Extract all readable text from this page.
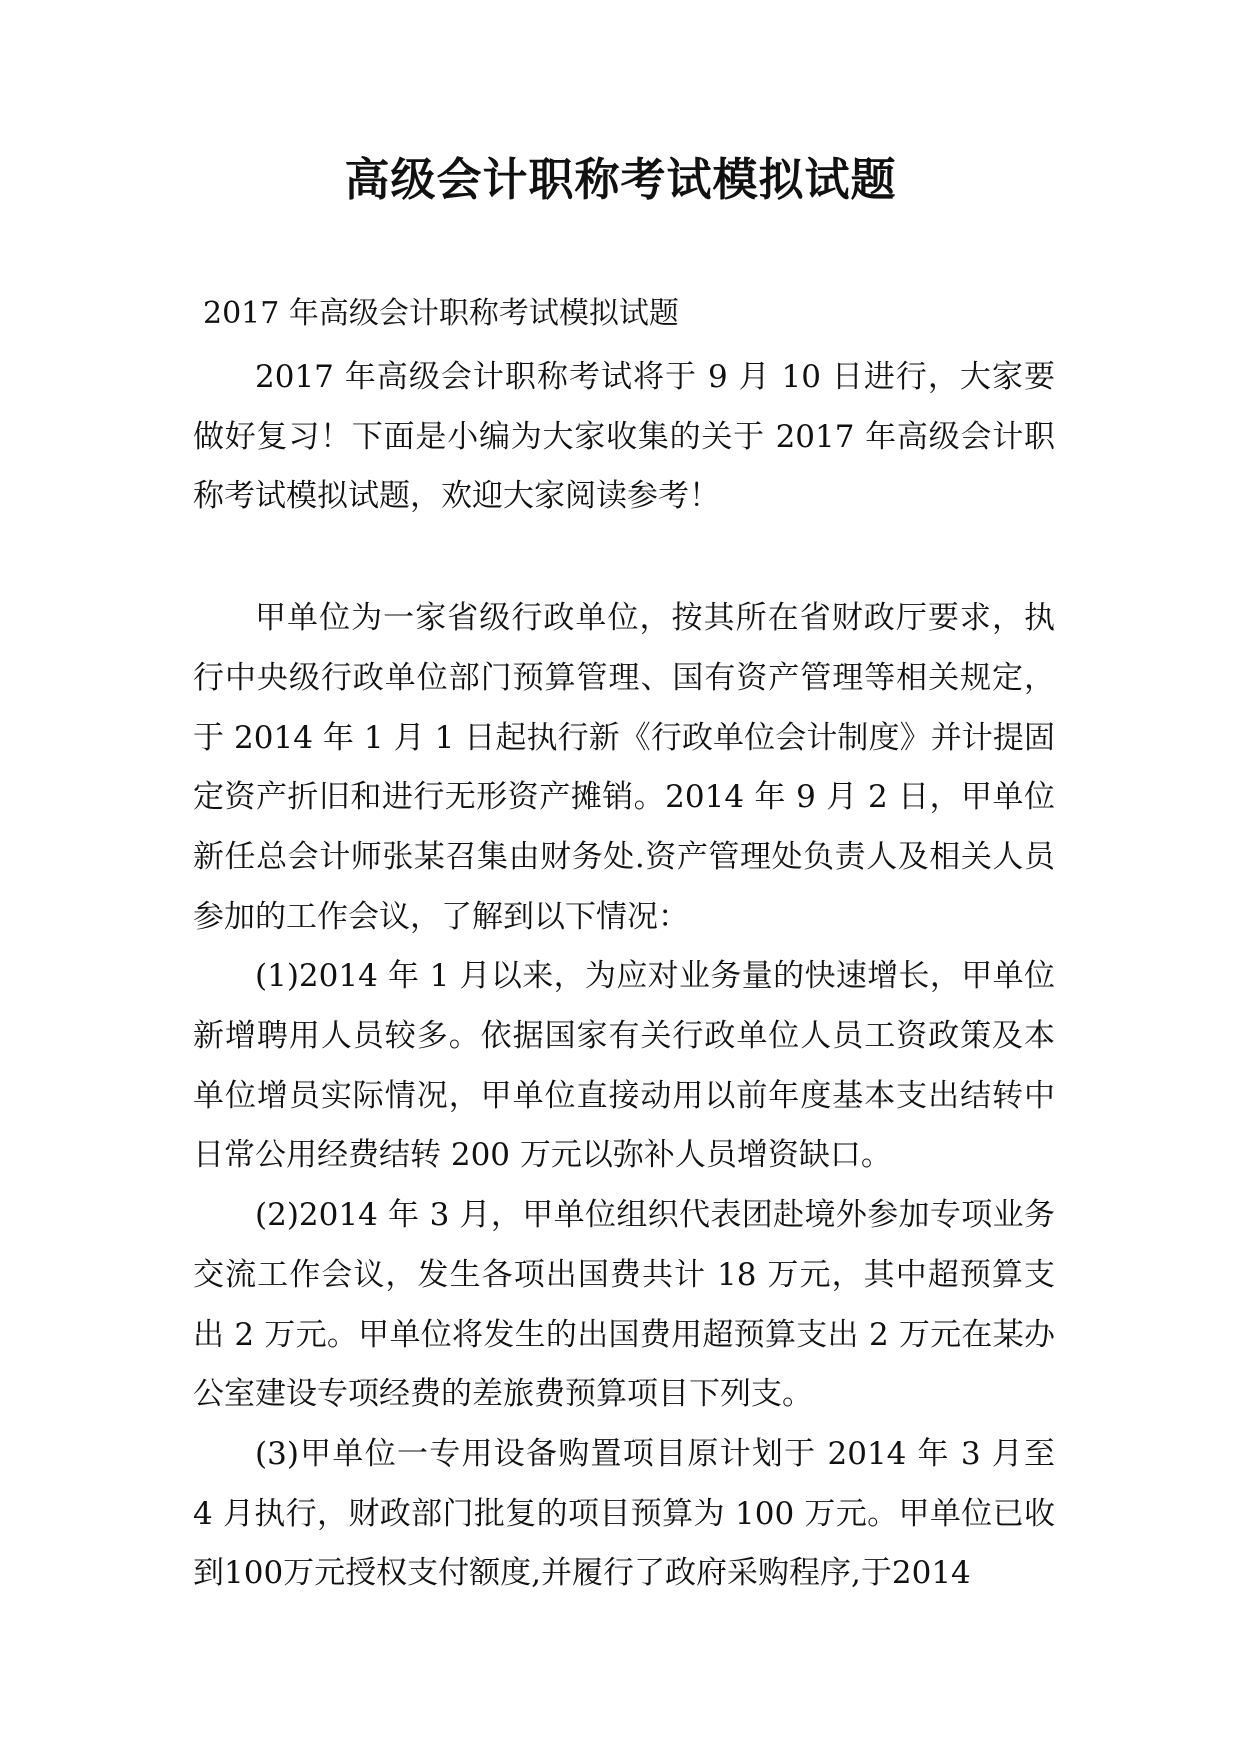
高级会计职称考试模拟试题
2017 年高级会计职称考试模拟试题

2017 年高级会计职称考试将于 9 月 10 日进行，大家要做好复习！下面是小编为大家收集的关于 2017 年高级会计职称考试模拟试题，欢迎大家阅读参考！

甲单位为一家省级行政单位，按其所在省财政厅要求，执行中央级行政单位部门预算管理、国有资产管理等相关规定，于 2014 年 1 月 1 日起执行新《行政单位会计制度》并计提固定资产折旧和进行无形资产摊销。2014 年 9 月 2 日，甲单位新任总会计师张某召集由财务处.资产管理处负责人及相关人员参加的工作会议，了解到以下情况：

(1)2014 年 1 月以来，为应对业务量的快速增长，甲单位新增聘用人员较多。依据国家有关行政单位人员工资政策及本单位增员实际情况，甲单位直接动用以前年度基本支出结转中日常公用经费结转 200 万元以弥补人员增资缺口。

(2)2014 年 3 月，甲单位组织代表团赴境外参加专项业务交流工作会议，发生各项出国费共计 18 万元，其中超预算支出 2 万元。甲单位将发生的出国费用超预算支出 2 万元在某办公室建设专项经费的差旅费预算项目下列支。

(3)甲单位一专用设备购置项目原计划于 2014 年 3 月至 4 月执行，财政部门批复的项目预算为 100 万元。甲单位已收到100万元授权支付额度,并履行了政府采购程序,于2014
